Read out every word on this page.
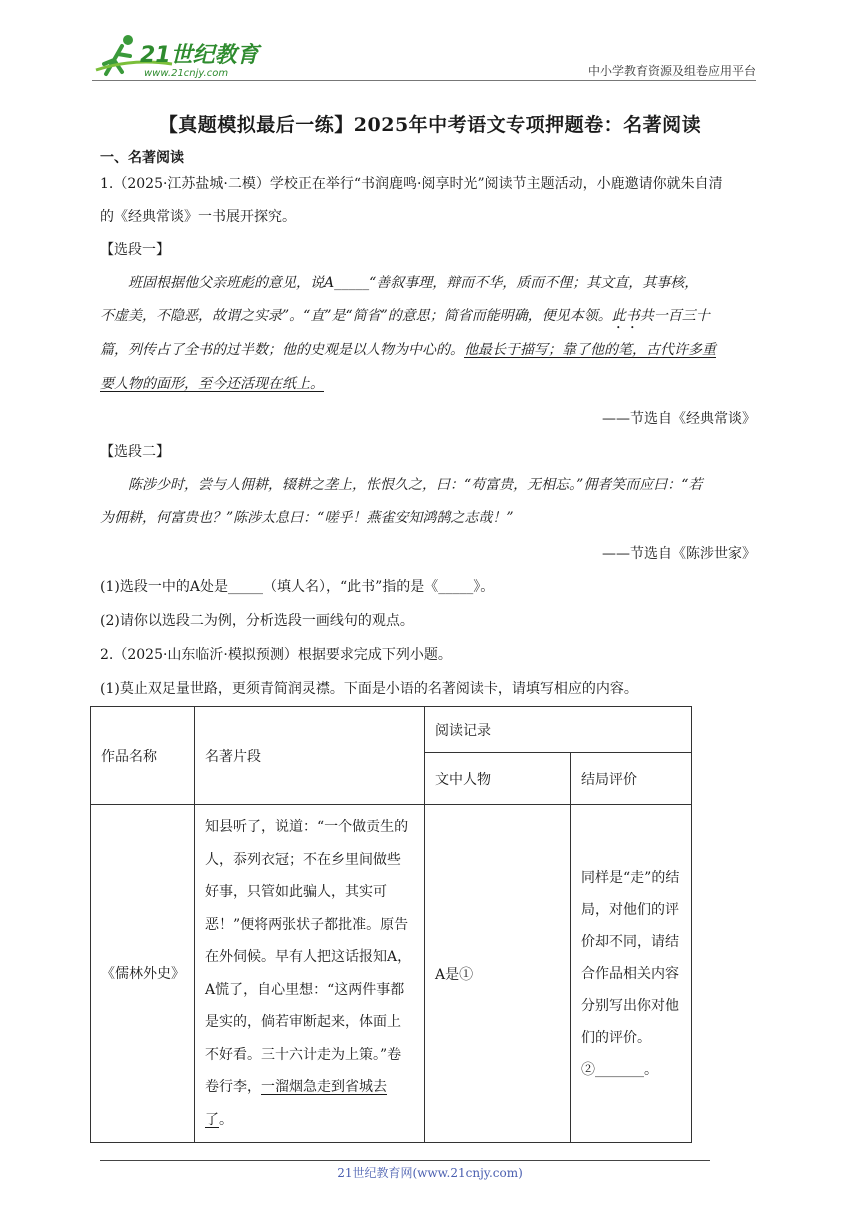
21世纪教育
www.21cnjy.com	中小学教育资源及组卷应用平台
【真题模拟最后一练】2025年中考语文专项押题卷：名著阅读
一、名著阅读
1.（2025·江苏盐城·二模）学校正在举行“书润鹿鸣·阅享时光”阅读节主题活动，小鹿邀请你就朱自清
的《经典常谈》一书展开探究。
【选段一】
班固根据他父亲班彪的意见，说A_____“善叙事理，辩而不华，质而不俚；其文直，其事核，
不虚美，不隐恶，故谓之实录”。“直”是“简省”的意思；简省而能明确，便见本领。此书共一百三十
篇，列传占了全书的过半数；他的史观是以人物为中心的。他最长于描写；靠了他的笔，古代许多重
要人物的面形，至今还活现在纸上。
——节选自《经典常谈》
【选段二】
陈涉少时，尝与人佣耕，辍耕之垄上，怅恨久之，曰：“苟富贵，无相忘。”佣者笑而应曰：“若
为佣耕，何富贵也？”陈涉太息曰：“嗟乎！燕雀安知鸿鹄之志哉！”
——节选自《陈涉世家》
(1)选段一中的A处是_____（填人名），“此书”指的是《_____》。
(2)请你以选段二为例，分析选段一画线句的观点。
2.（2025·山东临沂·模拟预测）根据要求完成下列小题。
(1)莫止双足量世路，更须青简润灵襟。下面是小语的名著阅读卡，请填写相应的内容。
作品名称	名著片段	阅读记录	
		文中人物	结局评价
《儒林外史》	知县听了，说道：“一个做贡生的人，忝列衣冠；不在乡里间做些好事，只管如此骗人，其实可恶！”便将两张状子都批准。原告在外伺候。早有人把这话报知A，A慌了，自心里想：“这两件事都是实的，倘若审断起来，体面上不好看。三十六计走为上策。”卷卷行李，一溜烟急走到省城去了。	A是①	同样是“走”的结局，对他们的评价却不同，请结合作品相关内容分别写出你对他们的评价。②_______。
21世纪教育网(www.21cnjy.com)
